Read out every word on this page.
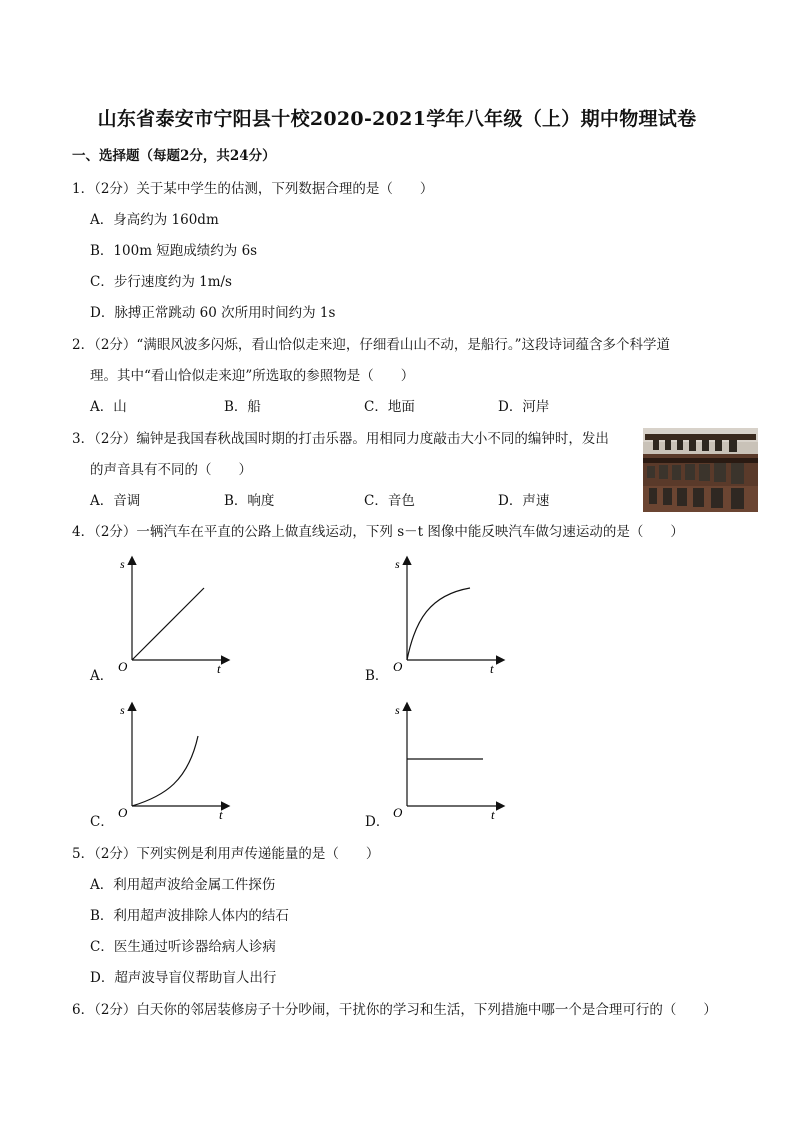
山东省泰安市宁阳县十校2020-2021学年八年级（上）期中物理试卷
一、选择题（每题2分，共24分）
1．（2分）关于某中学生的估测，下列数据合理的是（　　）
A．身高约为 160dm
B．100m 短跑成绩约为 6s
C．步行速度约为 1m/s
D．脉搏正常跳动 60 次所用时间约为 1s
2．（2分）“满眼风波多闪烁，看山恰似走来迎，仔细看山山不动，是船行。”这段诗词蕴含多个科学道
理。其中“看山恰似走来迎”所选取的参照物是（　　）
A．山	B．船	C．地面	D．河岸
3．（2分）编钟是我国春秋战国时期的打击乐器。用相同力度敲击大小不同的编钟时，发出
的声音具有不同的（　　）
A．音调	B．响度	C．音色	D．声速
4．（2分）一辆汽车在平直的公路上做直线运动，下列 s－t 图像中能反映汽车做匀速运动的是（　　）
A．
s
O	t	B．
s
O	t
C．
s
O	t	D．
s
O	t
5．（2分）下列实例是利用声传递能量的是（　　）
A．利用超声波给金属工件探伤
B．利用超声波排除人体内的结石
C．医生通过听诊器给病人诊病
D．超声波导盲仪帮助盲人出行
6．（2分）白天你的邻居装修房子十分吵闹，干扰你的学习和生活，下列措施中哪一个是合理可行的（　　）
